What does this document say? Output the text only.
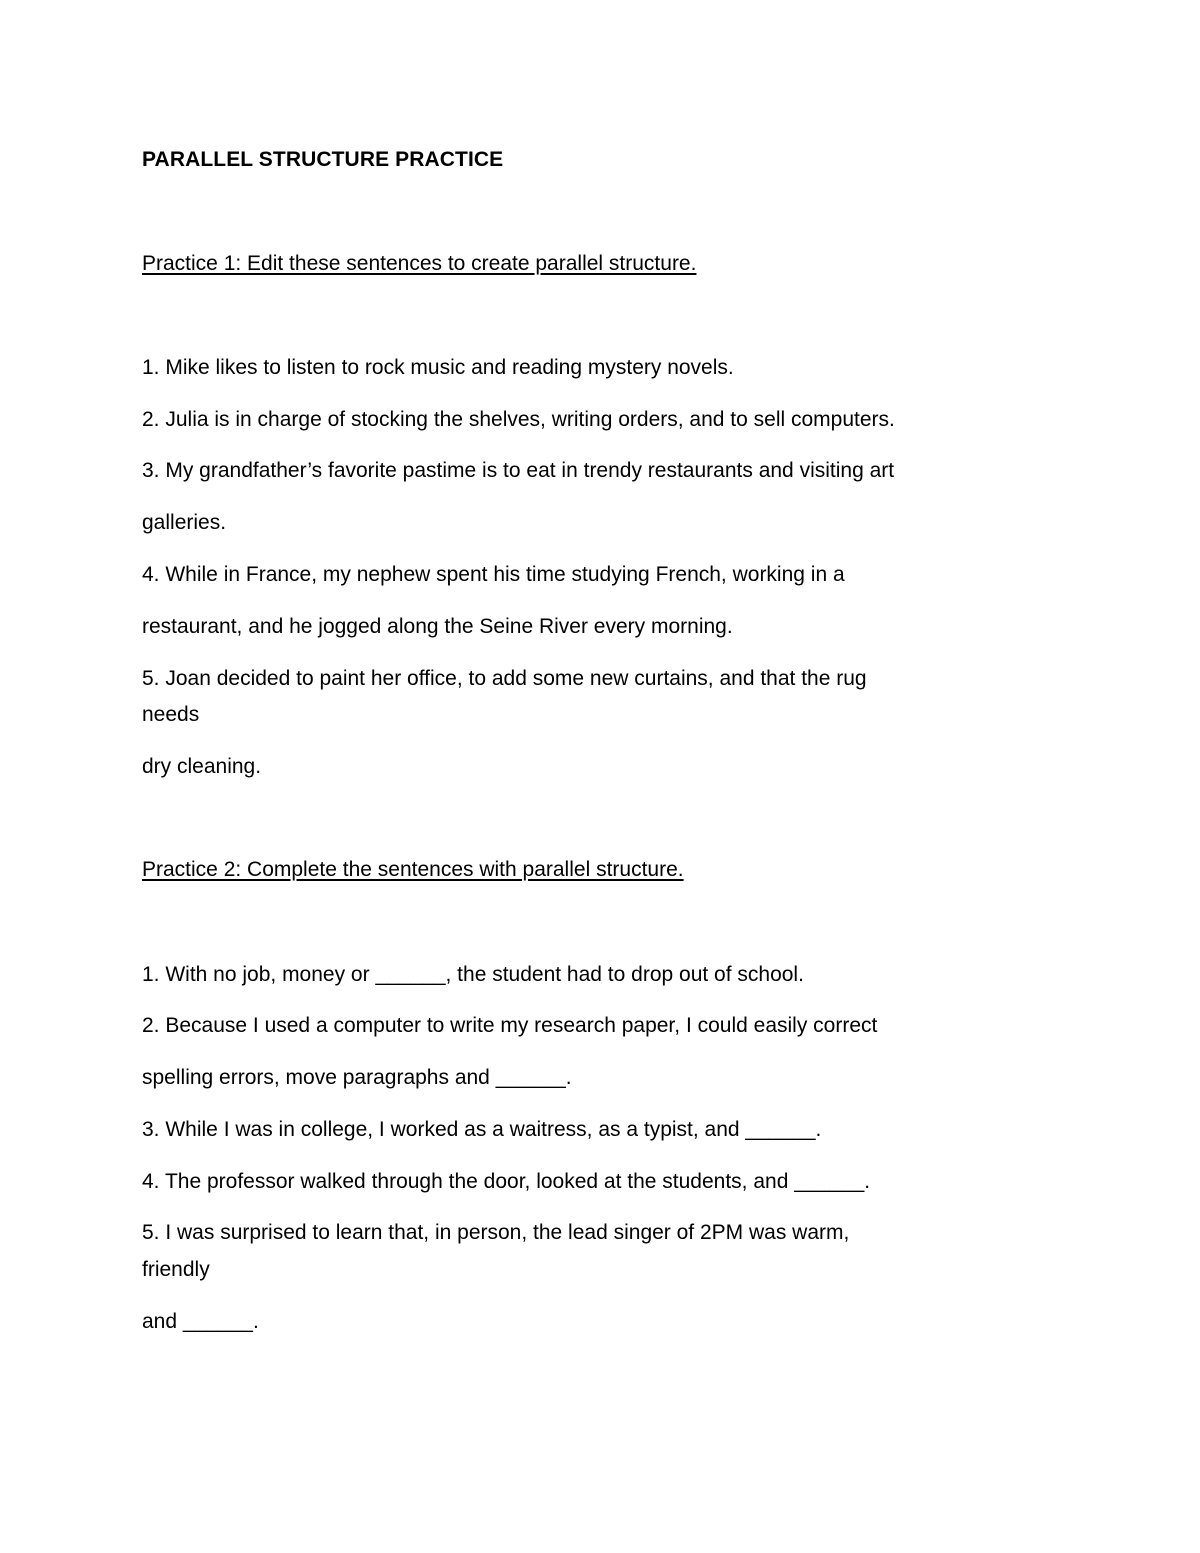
PARALLEL STRUCTURE PRACTICE
Practice 1: Edit these sentences to create parallel structure.
1. Mike likes to listen to rock music and reading mystery novels.
2. Julia is in charge of stocking the shelves, writing orders, and to sell computers.
3. My grandfather’s favorite pastime is to eat in trendy restaurants and visiting art
galleries.
4. While in France, my nephew spent his time studying French, working in a
restaurant, and he jogged along the Seine River every morning.
5. Joan decided to paint her office, to add some new curtains, and that the rug
needs
dry cleaning.
Practice 2: Complete the sentences with parallel structure.
1. With no job, money or ______, the student had to drop out of school.
2. Because I used a computer to write my research paper, I could easily correct
spelling errors, move paragraphs and ______.
3. While I was in college, I worked as a waitress, as a typist, and ______.
4. The professor walked through the door, looked at the students, and ______.
5. I was surprised to learn that, in person, the lead singer of 2PM was warm,
friendly
and ______.
